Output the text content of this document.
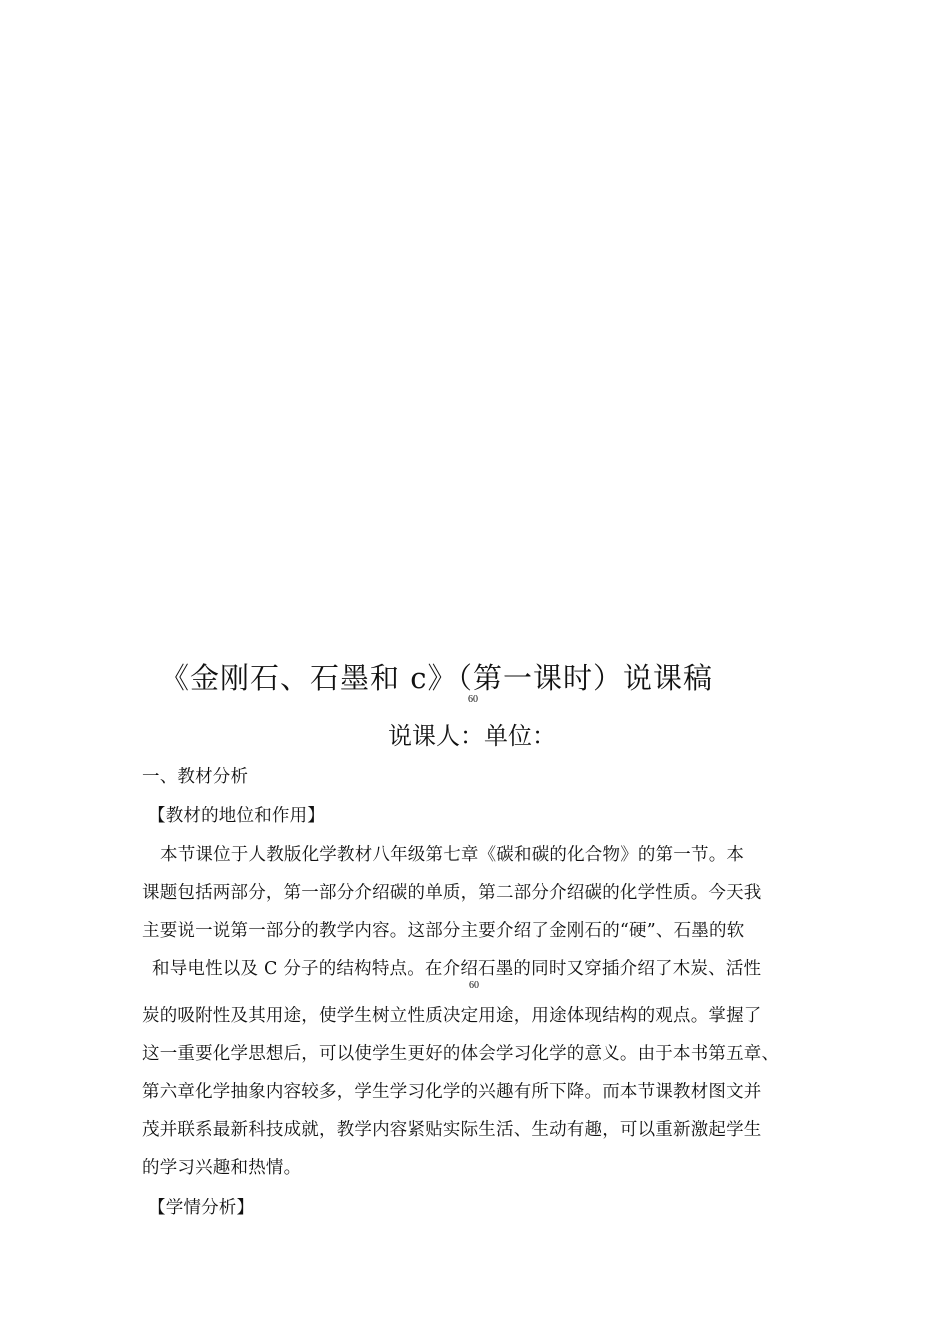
《金刚石、石墨和 c》（第一课时）说课稿
60
说课人：单位：
一、教材分析
【教材的地位和作用】
本节课位于人教版化学教材八年级第七章《碳和碳的化合物》的第一节。本
课题包括两部分，第一部分介绍碳的单质，第二部分介绍碳的化学性质。今天我
主要说一说第一部分的教学内容。这部分主要介绍了金刚石的“硬”、石墨的软
和导电性以及 C 分子的结构特点。在介绍石墨的同时又穿插介绍了木炭、活性
60
炭的吸附性及其用途，使学生树立性质决定用途，用途体现结构的观点。掌握了
这一重要化学思想后，可以使学生更好的体会学习化学的意义。由于本书第五章、
第六章化学抽象内容较多，学生学习化学的兴趣有所下降。而本节课教材图文并
茂并联系最新科技成就，教学内容紧贴实际生活、生动有趣，可以重新激起学生
的学习兴趣和热情。
【学情分析】
